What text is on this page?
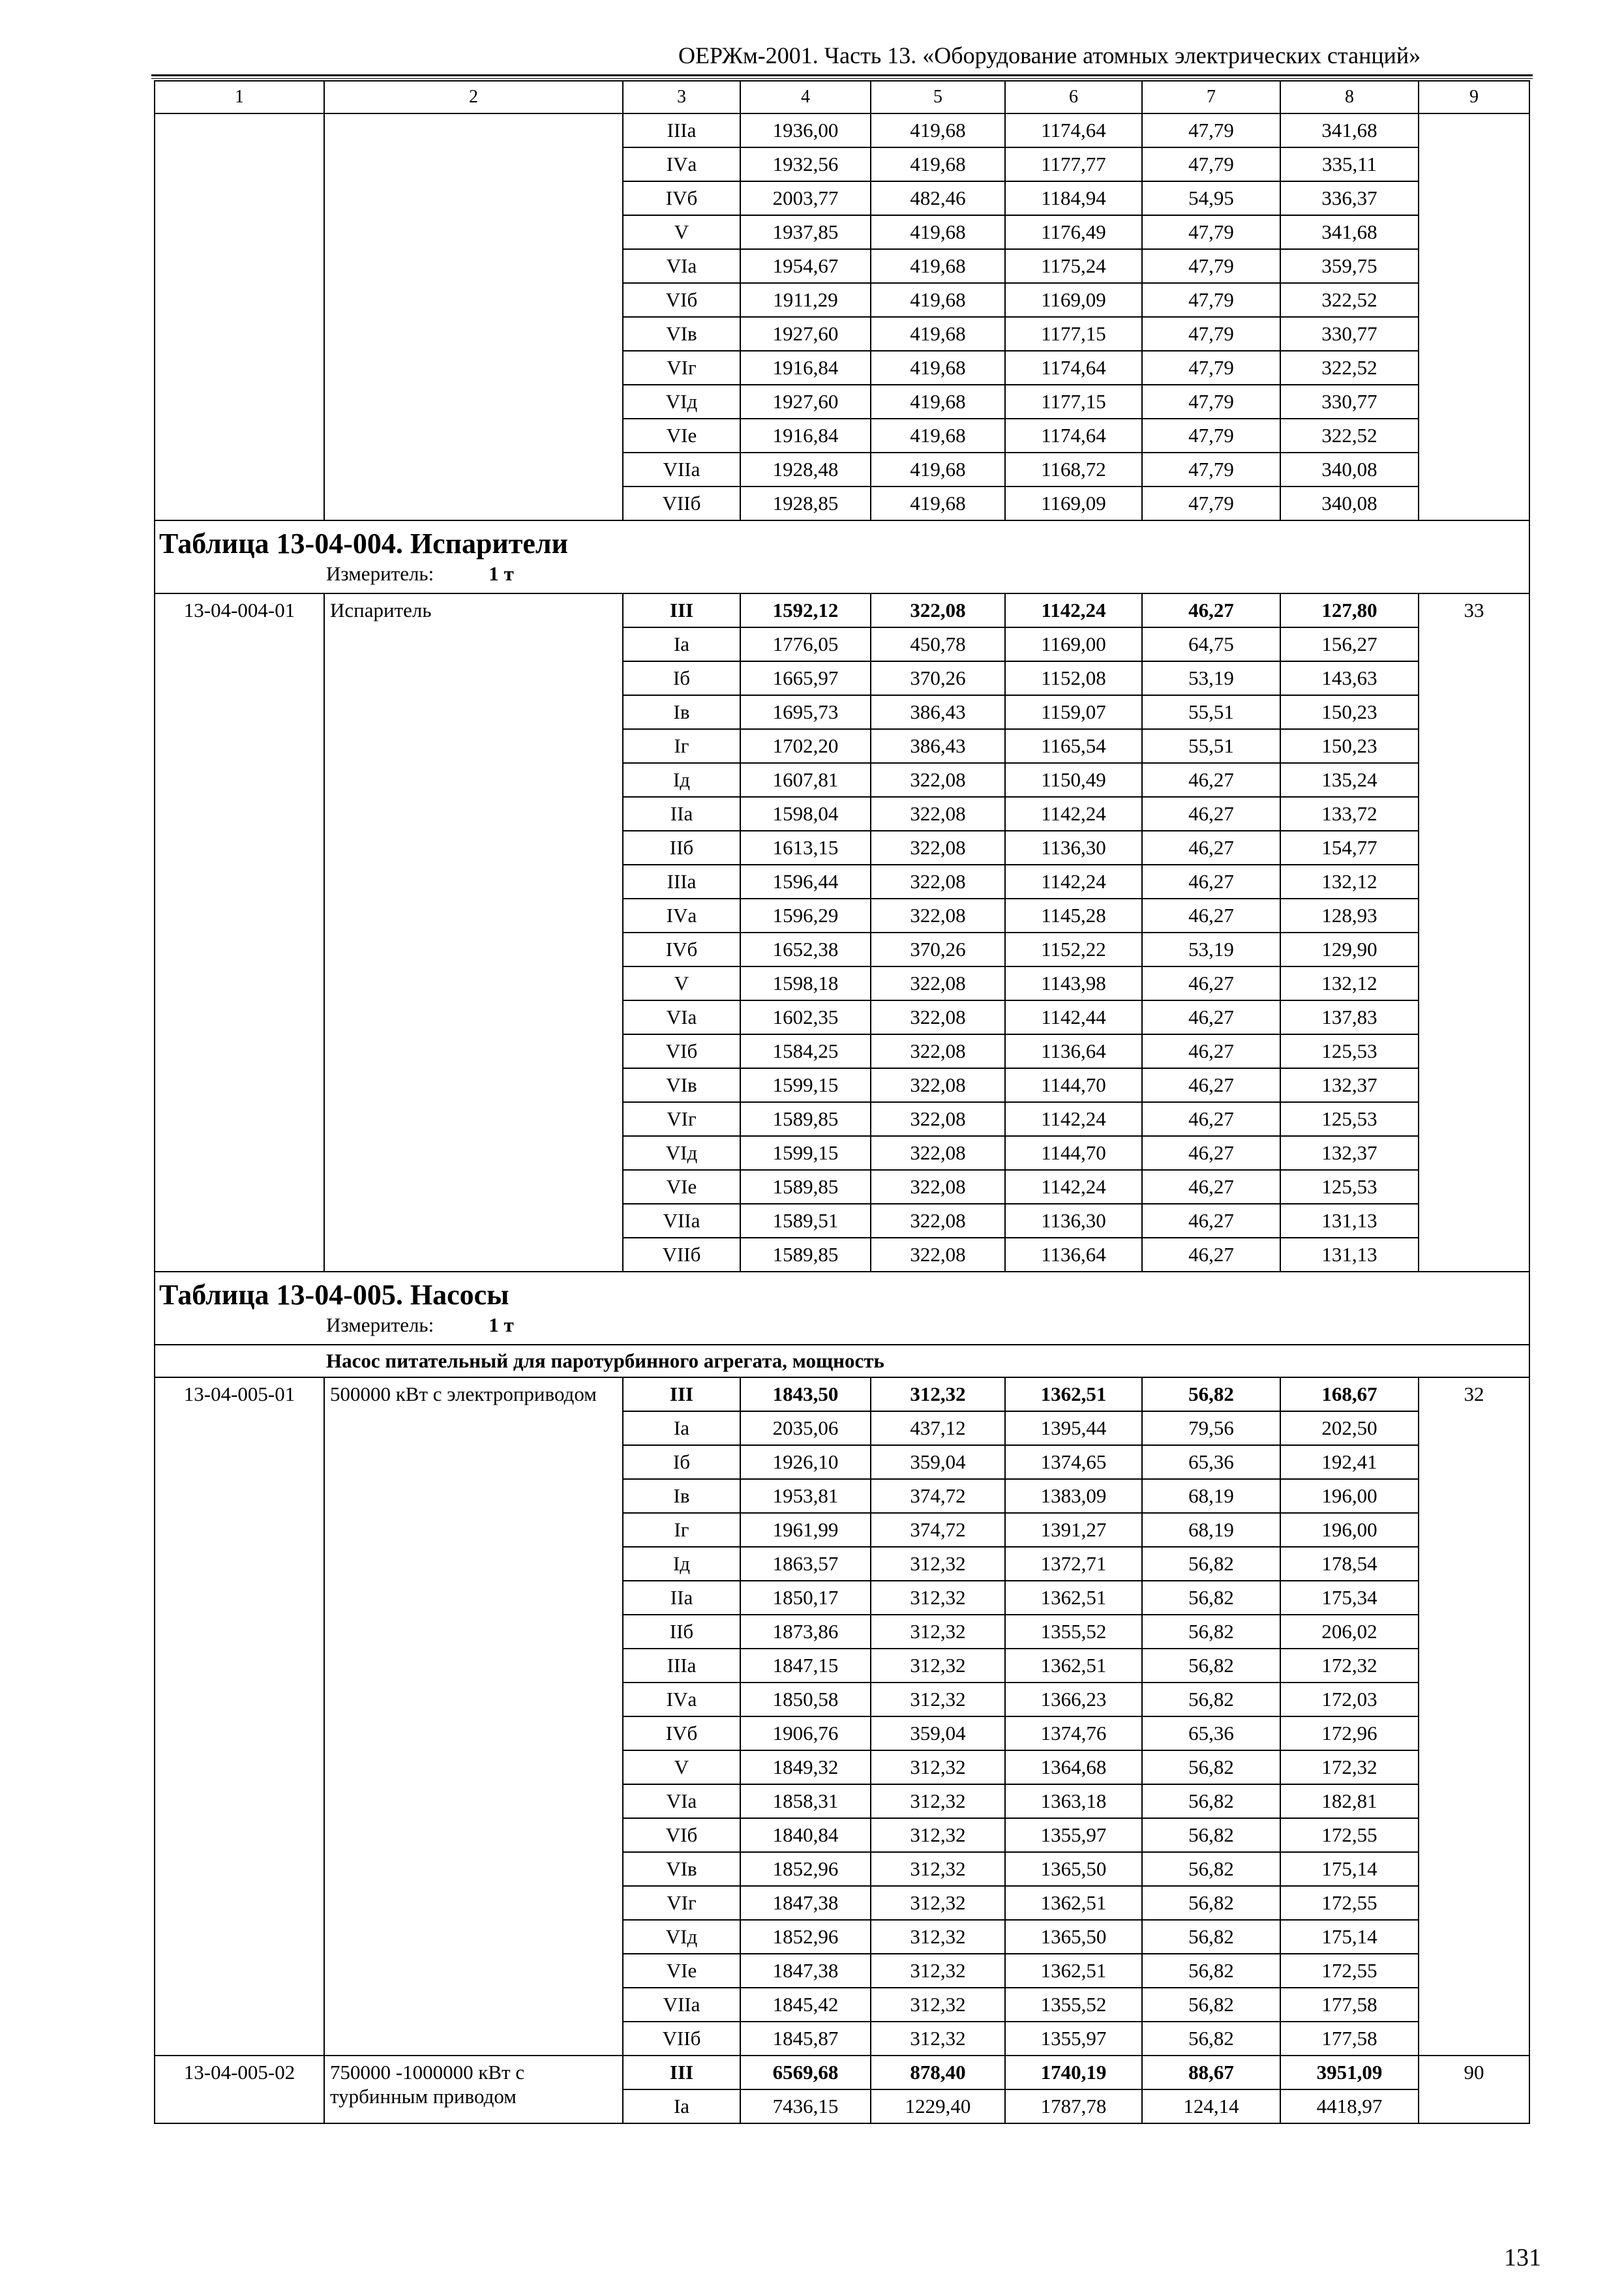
ОЕРЖм-2001. Часть 13. «Оборудование атомных электрических станций»
1	2	3	4	5	6	7	8	9
		IIIа	1936,00	419,68	1174,64	47,79	341,68	
		IVа	1932,56	419,68	1177,77	47,79	335,11	
		IVб	2003,77	482,46	1184,94	54,95	336,37	
		V	1937,85	419,68	1176,49	47,79	341,68	
		VIа	1954,67	419,68	1175,24	47,79	359,75	
		VIб	1911,29	419,68	1169,09	47,79	322,52	
		VIв	1927,60	419,68	1177,15	47,79	330,77	
		VIг	1916,84	419,68	1174,64	47,79	322,52	
		VIд	1927,60	419,68	1177,15	47,79	330,77	
		VIе	1916,84	419,68	1174,64	47,79	322,52	
		VIIа	1928,48	419,68	1168,72	47,79	340,08	
		VIIб	1928,85	419,68	1169,09	47,79	340,08	
Таблица 13-04-004. Испарители								
Измеритель: 1 т								
13-04-004-01	Испаритель	III	1592,12	322,08	1142,24	46,27	127,80	33
		Iа	1776,05	450,78	1169,00	64,75	156,27	
		Iб	1665,97	370,26	1152,08	53,19	143,63	
		Iв	1695,73	386,43	1159,07	55,51	150,23	
		Iг	1702,20	386,43	1165,54	55,51	150,23	
		Iд	1607,81	322,08	1150,49	46,27	135,24	
		IIа	1598,04	322,08	1142,24	46,27	133,72	
		IIб	1613,15	322,08	1136,30	46,27	154,77	
		IIIа	1596,44	322,08	1142,24	46,27	132,12	
		IVа	1596,29	322,08	1145,28	46,27	128,93	
		IVб	1652,38	370,26	1152,22	53,19	129,90	
		V	1598,18	322,08	1143,98	46,27	132,12	
		VIа	1602,35	322,08	1142,44	46,27	137,83	
		VIб	1584,25	322,08	1136,64	46,27	125,53	
		VIв	1599,15	322,08	1144,70	46,27	132,37	
		VIг	1589,85	322,08	1142,24	46,27	125,53	
		VIд	1599,15	322,08	1144,70	46,27	132,37	
		VIе	1589,85	322,08	1142,24	46,27	125,53	
		VIIа	1589,51	322,08	1136,30	46,27	131,13	
		VIIб	1589,85	322,08	1136,64	46,27	131,13	
Таблица 13-04-005. Насосы								
Измеритель: 1 т								
Насос питательный для паротурбинного агрегата, мощность								
13-04-005-01	500000 кВт с электроприводом	III	1843,50	312,32	1362,51	56,82	168,67	32
		Iа	2035,06	437,12	1395,44	79,56	202,50	
		Iб	1926,10	359,04	1374,65	65,36	192,41	
		Iв	1953,81	374,72	1383,09	68,19	196,00	
		Iг	1961,99	374,72	1391,27	68,19	196,00	
		Iд	1863,57	312,32	1372,71	56,82	178,54	
		IIа	1850,17	312,32	1362,51	56,82	175,34	
		IIб	1873,86	312,32	1355,52	56,82	206,02	
		IIIа	1847,15	312,32	1362,51	56,82	172,32	
		IVа	1850,58	312,32	1366,23	56,82	172,03	
		IVб	1906,76	359,04	1374,76	65,36	172,96	
		V	1849,32	312,32	1364,68	56,82	172,32	
		VIа	1858,31	312,32	1363,18	56,82	182,81	
		VIб	1840,84	312,32	1355,97	56,82	172,55	
		VIв	1852,96	312,32	1365,50	56,82	175,14	
		VIг	1847,38	312,32	1362,51	56,82	172,55	
		VIд	1852,96	312,32	1365,50	56,82	175,14	
		VIе	1847,38	312,32	1362,51	56,82	172,55	
		VIIа	1845,42	312,32	1355,52	56,82	177,58	
		VIIб	1845,87	312,32	1355,97	56,82	177,58	
13-04-005-02	750000 -1000000 кВт с турбинным приводом	III	6569,68	878,40	1740,19	88,67	3951,09	90
		Iа	7436,15	1229,40	1787,78	124,14	4418,97	
131
